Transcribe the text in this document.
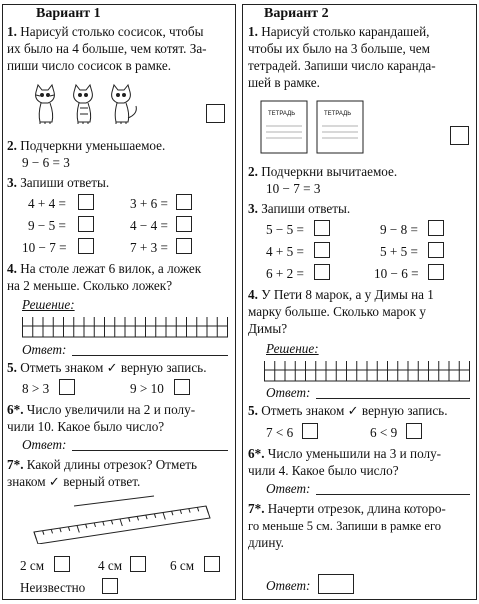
Вариант 1
1. Нарисуй столько сосисок, чтобы
их было на 4 больше, чем котят. За-
пиши число сосисок в рамке.
2. Подчеркни уменьшаемое.
9 − 6 = 3
3. Запиши ответы.
4 + 4 =	3 + 6 =
9 − 5 =	4 − 4 =
10 − 7 =	7 + 3 =
4. На столе лежат 6 вилок, а ложек
на 2 меньше. Сколько ложек?
Решение:
Ответ:
5. Отметь знаком ✓ верную запись.
8 > 3	9 > 10
6*. Число увеличили на 2 и полу-
чили 10. Какое было число?
Ответ:
7*. Какой длины отрезок? Отметь
знаком ✓ верный ответ.
2 см	4 см	6 см
Неизвестно
Вариант 2
1. Нарисуй столько карандашей,
чтобы их было на 3 больше, чем
тетрадей. Запиши число каранда-
шей в рамке.
ТЕТРАДЬ	ТЕТРАДЬ
2. Подчеркни вычитаемое.
10 − 7 = 3
3. Запиши ответы.
5 − 5 =	9 − 8 =
4 + 5 =	5 + 5 =
6 + 2 =	10 − 6 =
4. У Пети 8 марок, а у Димы на 1
марку больше. Сколько марок у
Димы?
Решение:
Ответ:
5. Отметь знаком ✓ верную запись.
7 < 6	6 < 9
6*. Число уменьшили на 3 и полу-
чили 4. Какое было число?
Ответ:
7*. Начерти отрезок, длина которо-
го меньше 5 см. Запиши в рамке его
длину.
Ответ:
